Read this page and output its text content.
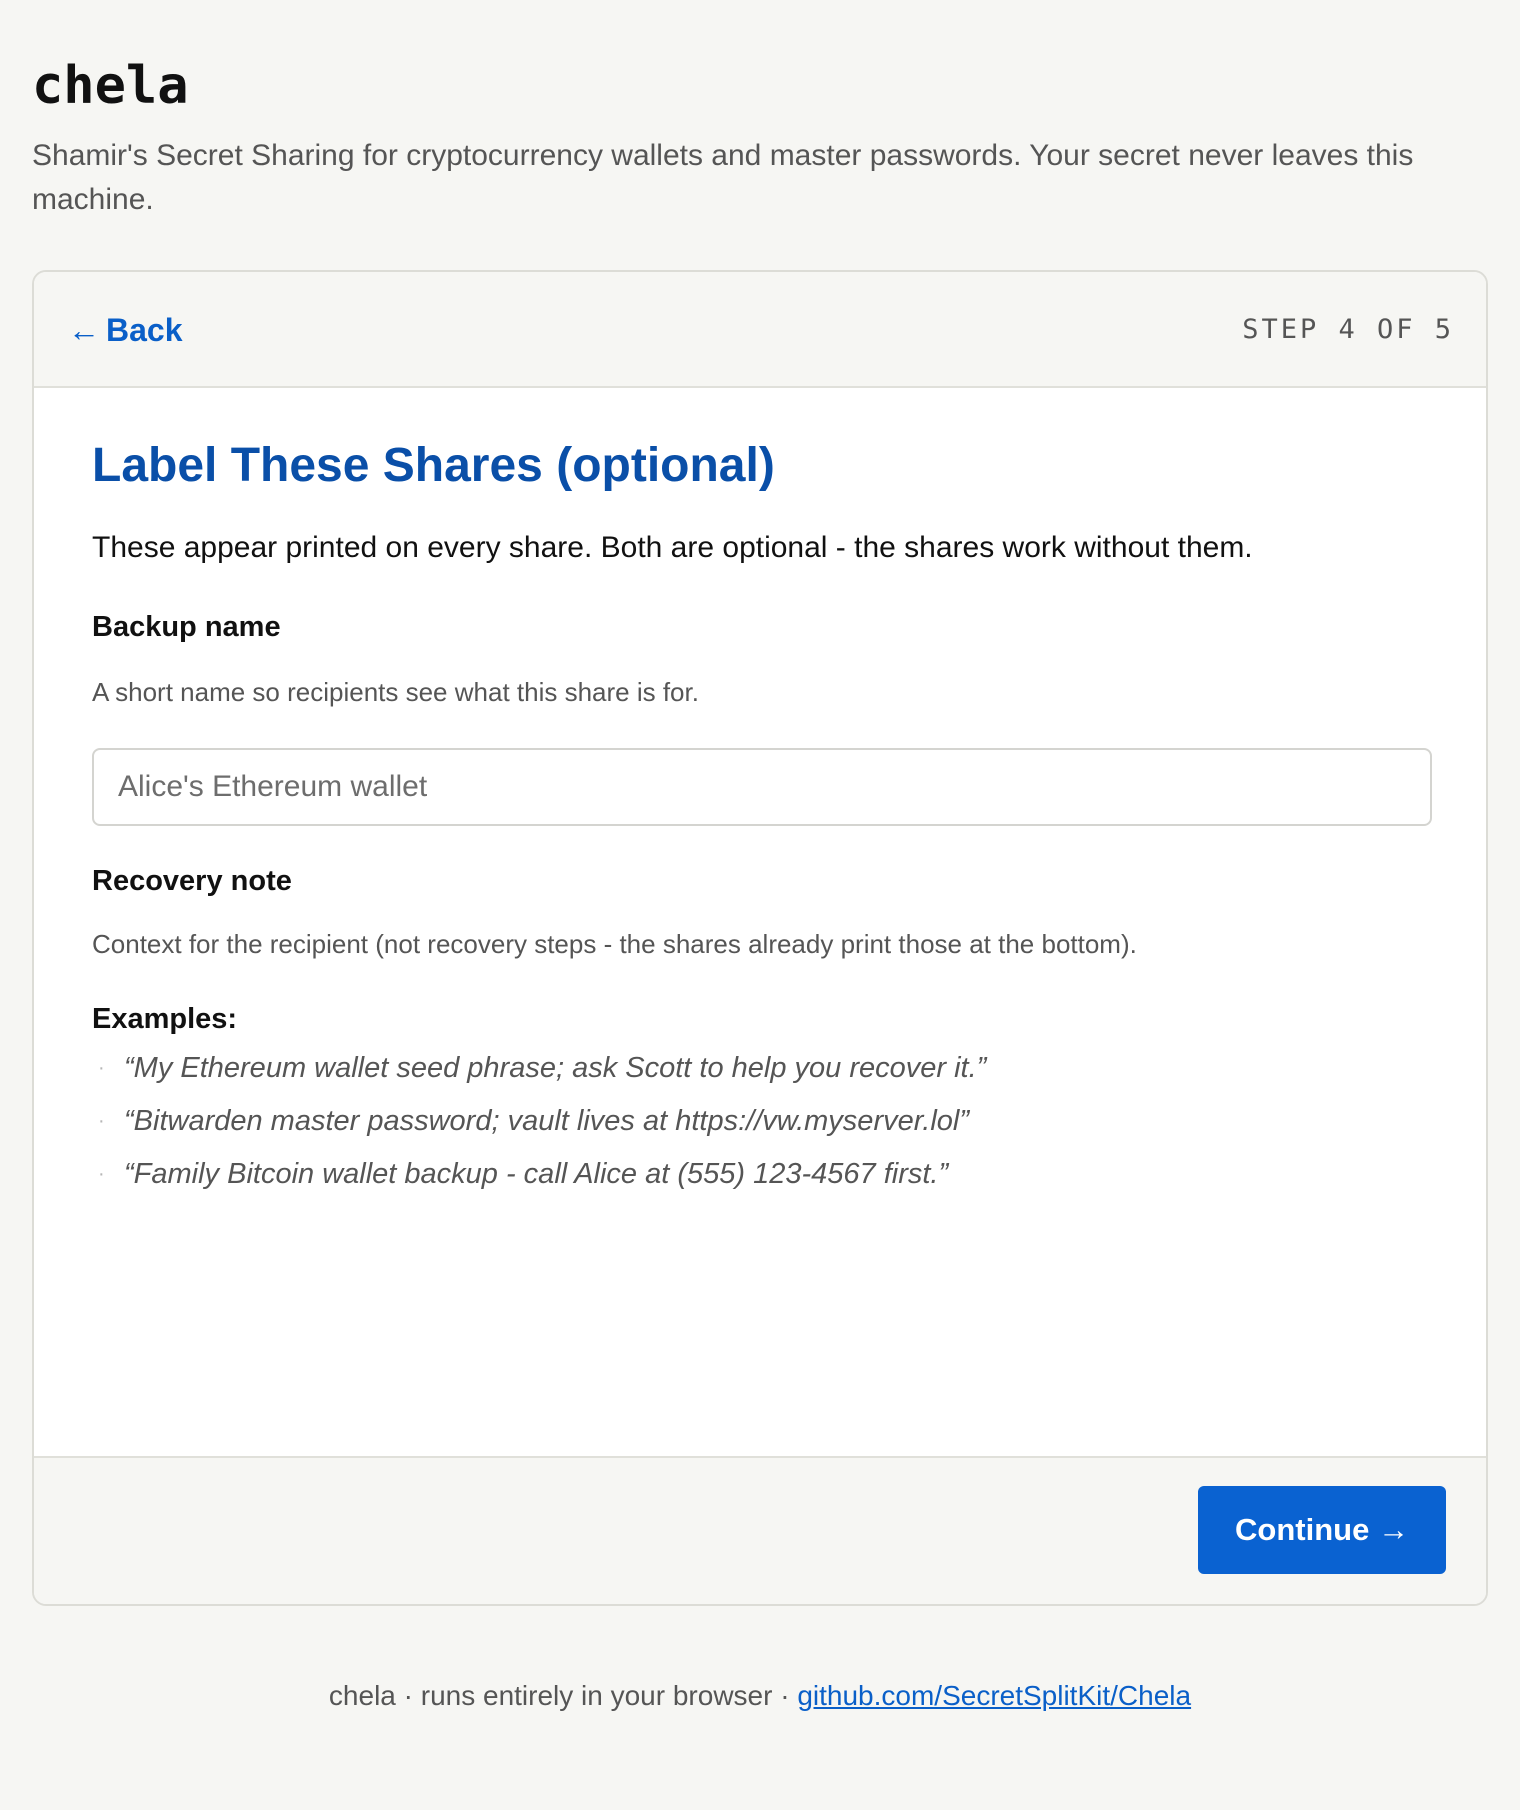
chela

Shamir's Secret Sharing for cryptocurrency wallets and master passwords. Your secret never leaves this machine.

← Back	STEP 4 OF 5
Label These Shares (optional)
These appear printed on every share. Both are optional - the shares work without them.
Backup name
A short name so recipients see what this share is for.
Alice's Ethereum wallet
Recovery note
Context for the recipient (not recovery steps - the shares already print those at the bottom).
Examples:
· “My Ethereum wallet seed phrase; ask Scott to help you recover it.”
· “Bitwarden master password; vault lives at https://vw.myserver.lol”
· “Family Bitcoin wallet backup - call Alice at (555) 123-4567 first.”
(leave blank for no note)
Continue →
chela · runs entirely in your browser · github.com/SecretSplitKit/Chela
